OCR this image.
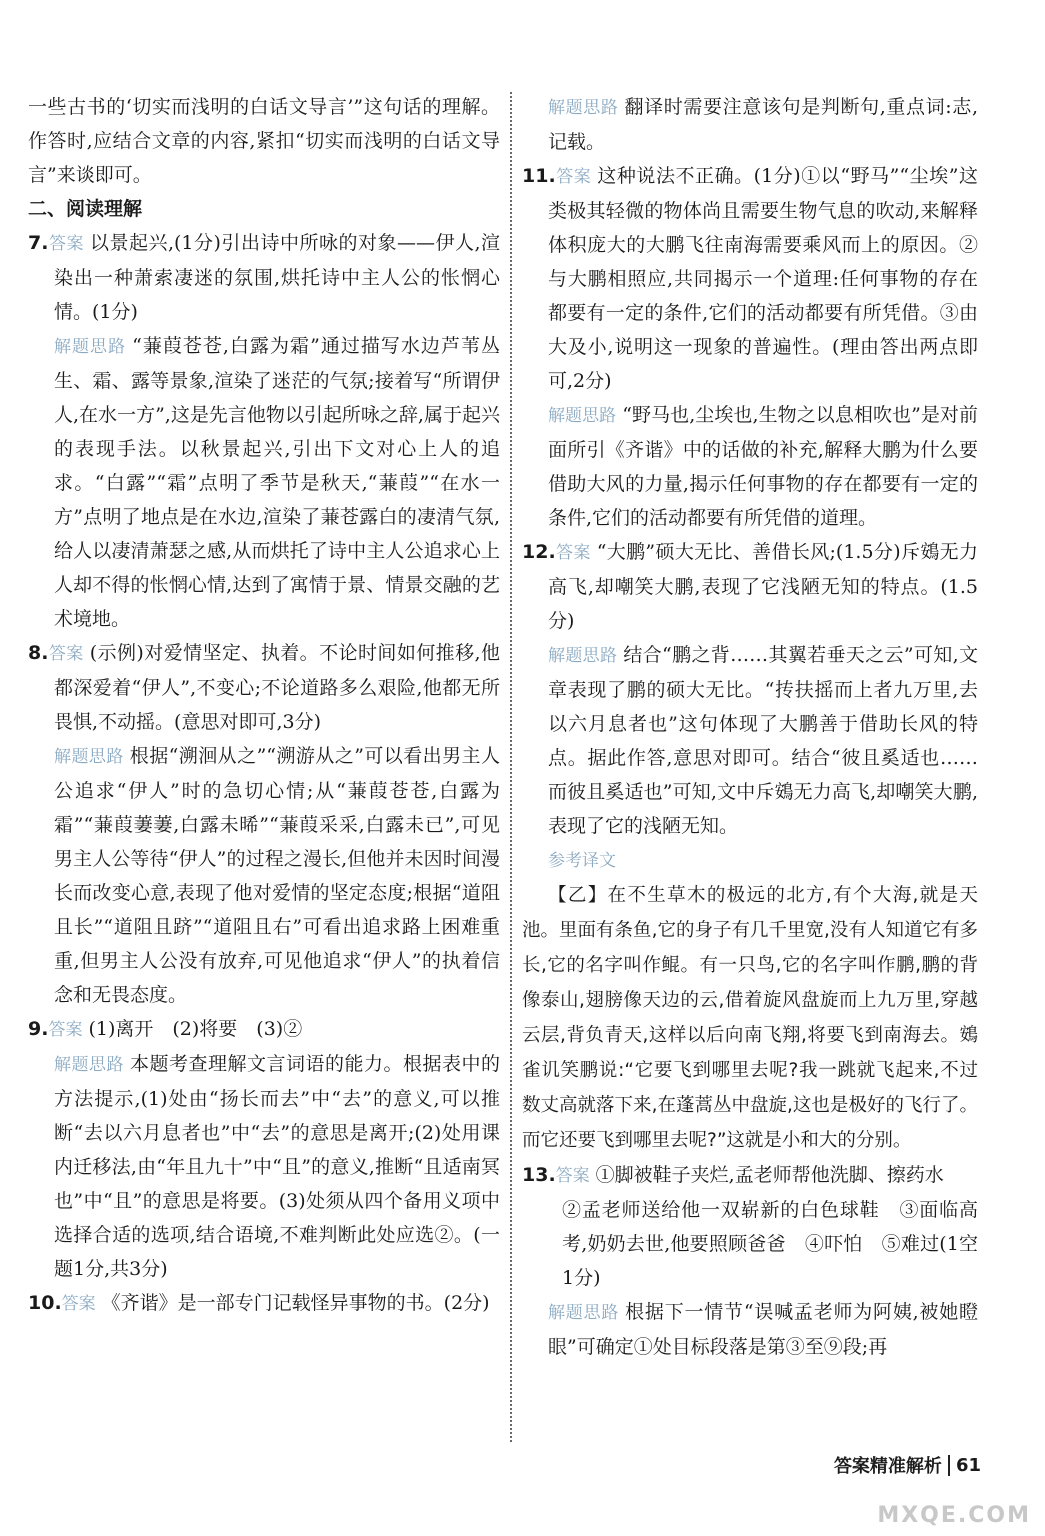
一些古书的‘切实而浅明的白话文导言’”这句话的理解。作答时,应结合文章的内容,紧扣“切实而浅明的白话文导言”来谈即可。

二、阅读理解

7.答案 以景起兴,(1分)引出诗中所咏的对象——伊人,渲染出一种萧索凄迷的氛围,烘托诗中主人公的怅惘心情。(1分)

解题思路 “蒹葭苍苍,白露为霜”通过描写水边芦苇丛生、霜、露等景象,渲染了迷茫的气氛;接着写“所谓伊人,在水一方”,这是先言他物以引起所咏之辞,属于起兴的表现手法。以秋景起兴,引出下文对心上人的追求。“白露”“霜”点明了季节是秋天,“蒹葭”“在水一方”点明了地点是在水边,渲染了蒹苍露白的凄清气氛,给人以凄清萧瑟之感,从而烘托了诗中主人公追求心上人却不得的怅惘心情,达到了寓情于景、情景交融的艺术境地。

8.答案 (示例)对爱情坚定、执着。不论时间如何推移,他都深爱着“伊人”,不变心;不论道路多么艰险,他都无所畏惧,不动摇。(意思对即可,3分)

解题思路 根据“溯洄从之”“溯游从之”可以看出男主人公追求“伊人”时的急切心情;从“蒹葭苍苍,白露为霜”“蒹葭萋萋,白露未晞”“蒹葭采采,白露未已”,可见男主人公等待“伊人”的过程之漫长,但他并未因时间漫长而改变心意,表现了他对爱情的坚定态度;根据“道阻且长”“道阻且跻”“道阻且右”可看出追求路上困难重重,但男主人公没有放弃,可见他追求“伊人”的执着信念和无畏态度。

9.答案 (1)离开　(2)将要　(3)②

解题思路 本题考查理解文言词语的能力。根据表中的方法提示,(1)处由“扬长而去”中“去”的意义,可以推断“去以六月息者也”中“去”的意思是离开;(2)处用课内迁移法,由“年且九十”中“且”的意义,推断“且适南冥也”中“且”的意思是将要。(3)处须从四个备用义项中选择合适的选项,结合语境,不难判断此处应选②。(一题1分,共3分)

10.答案 《齐谐》是一部专门记载怪异事物的书。(2分)

解题思路 翻译时需要注意该句是判断句,重点词:志,记载。

11.答案 这种说法不正确。(1分)①以“野马”“尘埃”这类极其轻微的物体尚且需要生物气息的吹动,来解释体积庞大的大鹏飞往南海需要乘风而上的原因。②与大鹏相照应,共同揭示一个道理:任何事物的存在都要有一定的条件,它们的活动都要有所凭借。③由大及小,说明这一现象的普遍性。(理由答出两点即可,2分)

解题思路 “野马也,尘埃也,生物之以息相吹也”是对前面所引《齐谐》中的话做的补充,解释大鹏为什么要借助大风的力量,揭示任何事物的存在都要有一定的条件,它们的活动都要有所凭借的道理。

12.答案 “大鹏”硕大无比、善借长风;(1.5分)斥鴳无力高飞,却嘲笑大鹏,表现了它浅陋无知的特点。(1.5分)

解题思路 结合“鹏之背……其翼若垂天之云”可知,文章表现了鹏的硕大无比。“抟扶摇而上者九万里,去以六月息者也”这句体现了大鹏善于借助长风的特点。据此作答,意思对即可。结合“彼且奚适也……而彼且奚适也”可知,文中斥鴳无力高飞,却嘲笑大鹏,表现了它的浅陋无知。

参考译文

【乙】在不生草木的极远的北方,有个大海,就是天池。里面有条鱼,它的身子有几千里宽,没有人知道它有多长,它的名字叫作鲲。有一只鸟,它的名字叫作鹏,鹏的背像泰山,翅膀像天边的云,借着旋风盘旋而上九万里,穿越云层,背负青天,这样以后向南飞翔,将要飞到南海去。鴳雀讥笑鹏说:“它要飞到哪里去呢?我一跳就飞起来,不过数丈高就落下来,在蓬蒿丛中盘旋,这也是极好的飞行了。而它还要飞到哪里去呢?”这就是小和大的分别。

13.答案 ①脚被鞋子夹烂,孟老师帮他洗脚、擦药水

②孟老师送给他一双崭新的白色球鞋　③面临高考,奶奶去世,他要照顾爸爸　④吓怕　⑤难过(1空1分)

解题思路 根据下一情节“误喊孟老师为阿姨,被她瞪眼”可确定①处目标段落是第③至⑨段;再

答案精准解析 61
MXQE.COM
